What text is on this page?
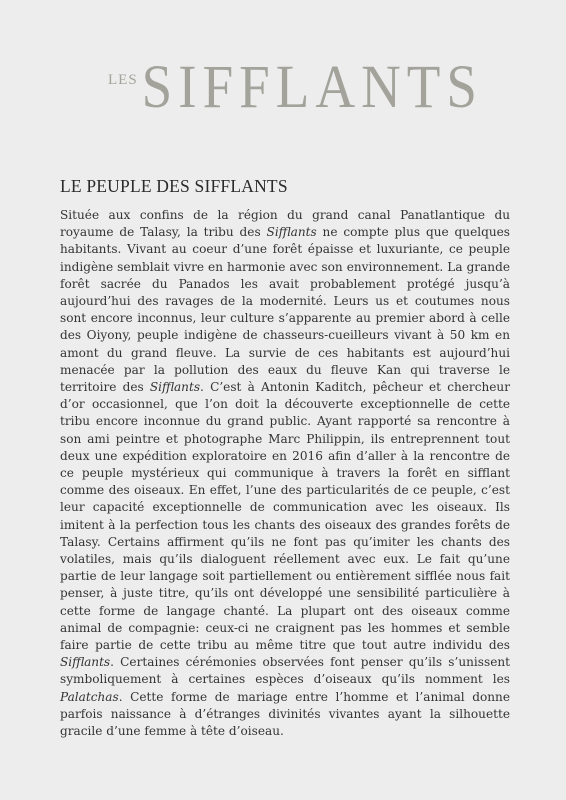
LES SIFFLANTS
LE PEUPLE DES SIFFLANTS

Située aux confins de la région du grand canal Panatlantique du royaume de Talasy, la tribu des Sifflants ne compte plus que quelques habitants. Vivant au coeur d’une forêt épaisse et luxuriante, ce peuple indigène semblait vivre en harmonie avec son environnement. La grande forêt sacrée du Panados les avait probablement protégé jusqu’à aujourd’hui des ravages de la modernité. Leurs us et coutumes nous sont encore inconnus, leur culture s’apparente au premier abord à celle des Oiyony, peuple indigène de chasseurs-cueilleurs vivant à 50 km en amont du grand fleuve. La survie de ces habitants est aujourd’hui menacée par la pollution des eaux du fleuve Kan qui traverse le territoire des Sifflants. C’est à Antonin Kaditch, pêcheur et chercheur d’or occasionnel, que l’on doit la découverte exceptionnelle de cette tribu encore inconnue du grand public. Ayant rapporté sa rencontre à son ami peintre et photographe Marc Philippin, ils entreprennent tout deux une expédition exploratoire en 2016 afin d’aller à la rencontre de ce peuple mystérieux qui communique à travers la forêt en sifflant comme des oiseaux. En effet, l’une des particularités de ce peuple, c’est leur capacité exceptionnelle de communication avec les oiseaux. Ils imitent à la perfection tous les chants des oiseaux des grandes forêts de Talasy. Certains affirment qu’ils ne font pas qu’imiter les chants des volatiles, mais qu’ils dialoguent réellement avec eux. Le fait qu’une partie de leur langage soit partiellement ou entièrement sifflée nous fait penser, à juste titre, qu’ils ont développé une sensibilité particulière à cette forme de langage chanté. La plupart ont des oiseaux comme animal de compagnie: ceux-ci ne craignent pas les hommes et semble faire partie de cette tribu au même titre que tout autre individu des Sifflants. Certaines cérémonies observées font penser qu’ils s’unissent symboliquement à certaines espèces d’oiseaux qu’ils nomment les Palatchas. Cette forme de mariage entre l’homme et l’animal donne parfois naissance à d’étranges divinités vivantes ayant la silhouette gracile d’une femme à tête d’oiseau.
